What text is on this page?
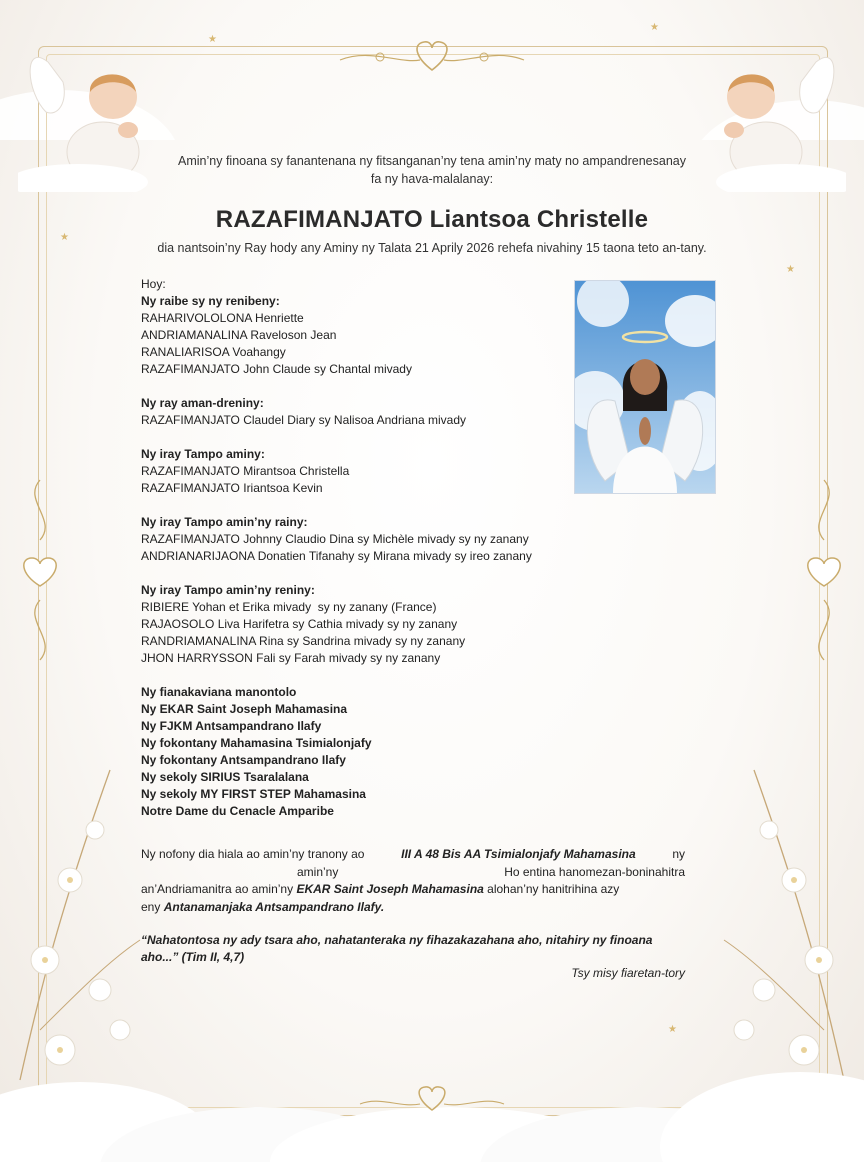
★
★
★
★
★
Amin’ny finoana sy fanantenana ny fitsanganan’ny tena amin’ny maty no ampandrenesanay
fa ny hava-malalanay:
RAZAFIMANJATO Liantsoa Christelle
dia nantsoin’ny Ray hody any Aminy ny Talata 21 Aprily 2026 rehefa nivahiny 15 taona teto an-tany.

Hoy:

Ny raibe sy ny renibeny:

RAHARIVOLOLONA Henriette

ANDRIAMANALINA Raveloson Jean

RANALIARISOA Voahangy

RAZAFIMANJATO John Claude sy Chantal mivady

Ny ray aman-dreniny:

RAZAFIMANJATO Claudel Diary sy Nalisoa Andriana mivady

Ny iray Tampo aminy:

RAZAFIMANJATO Mirantsoa Christella

RAZAFIMANJATO Iriantsoa Kevin

Ny iray Tampo amin’ny rainy:

RAZAFIMANJATO Johnny Claudio Dina sy Michèle mivady sy ny zanany

ANDRIANARIJAONA Donatien Tifanahy sy Mirana mivady sy ireo zanany

Ny iray Tampo amin’ny reniny:

RIBIERE Yohan et Erika mivady  sy ny zanany (France)

RAJAOSOLO Liva Harifetra sy Cathia mivady sy ny zanany

RANDRIAMANALINA Rina sy Sandrina mivady sy ny zanany

JHON HARRYSSON Fali sy Farah mivady sy ny zanany

Ny fianakaviana manontolo

Ny EKAR Saint Joseph Mahamasina

Ny FJKM Antsampandrano Ilafy

Ny fokontany Mahamasina Tsimialonjafy

Ny fokontany Antsampandrano Ilafy

Ny sekoly SIRIUS Tsaralalana

Ny sekoly MY FIRST STEP Mahamasina

Notre Dame du Cenacle Amparibe

Ny nofony dia hiala ao amin’ny tranony ao	III A 48 Bis AA Tsimialonjafy Mahamasina	ny

amin’ny	Ho entina hanomezan-boninahitra

an’Andriamanitra ao amin’ny EKAR Saint Joseph Mahamasina alohan’ny hanitrihina azy

eny Antanamanjaka Antsampandrano Ilafy.

“Nahatontosa ny ady tsara aho, nahatanteraka ny fihazakazahana aho, nitahiry ny finoana aho...” (Tim II, 4,7)
Tsy misy fiaretan-tory
